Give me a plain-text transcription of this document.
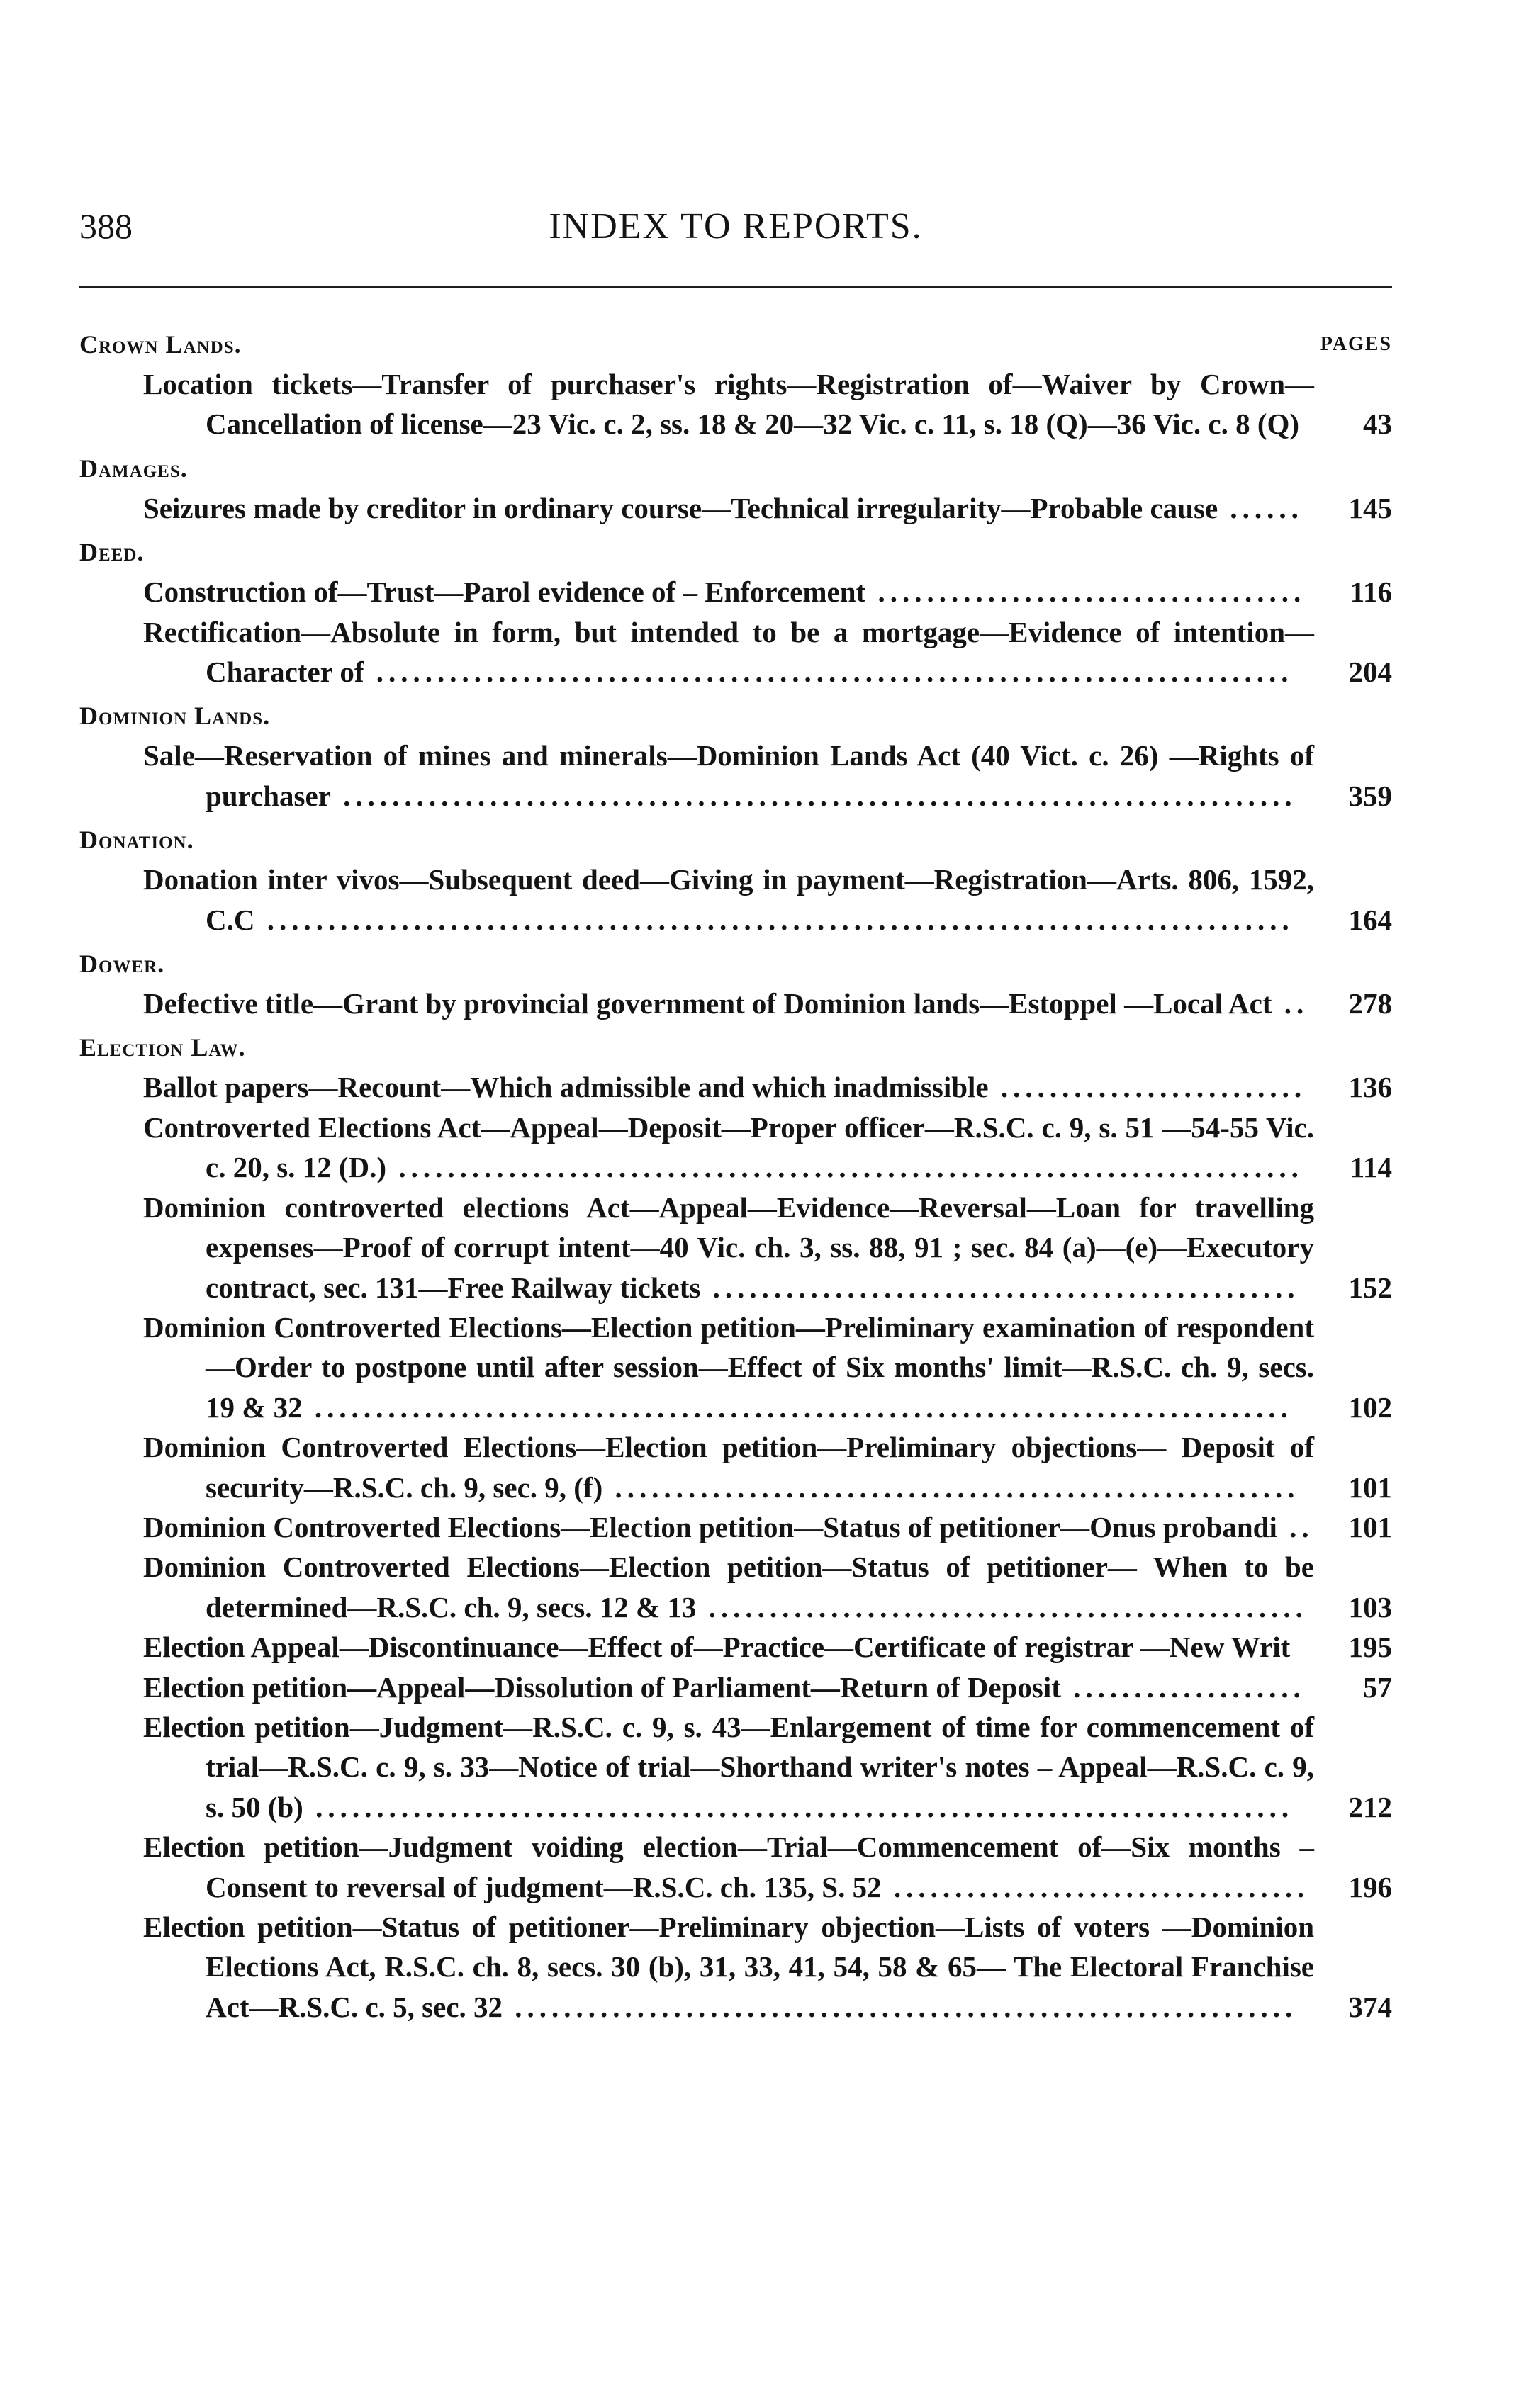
388	INDEX TO REPORTS.
PAGES
Crown Lands.
Location tickets—Transfer of purchaser's rights—Registration of—Waiver by Crown—Cancellation of license—23 Vic. c. 2, ss. 18 & 20—32 Vic. c. 11, s. 18 (Q)—36 Vic. c. 8 (Q)	43
Damages.
Seizures made by creditor in ordinary course—Technical irregularity—Probable cause ......	145
Deed.
Construction of—Trust—Parol evidence of – Enforcement ...................................	116
Rectification—Absolute in form, but intended to be a mortgage—Evidence of intention—Character of ...........................................................................	204
Dominion Lands.
Sale—Reservation of mines and minerals—Dominion Lands Act (40 Vict. c. 26) —Rights of purchaser ..............................................................................	359
Donation.
Donation inter vivos—Subsequent deed—Giving in payment—Registration—Arts. 806, 1592, C.C ....................................................................................	164
Dower.
Defective title—Grant by provincial government of Dominion lands—Estoppel —Local Act ..	278
Election Law.
Ballot papers—Recount—Which admissible and which inadmissible .........................	136
Controverted Elections Act—Appeal—Deposit—Proper officer—R.S.C. c. 9, s. 51 —54-55 Vic. c. 20, s. 12 (D.) ..........................................................................	114
Dominion controverted elections Act—Appeal—Evidence—Reversal—Loan for travelling expenses—Proof of corrupt intent—40 Vic. ch. 3, ss. 88, 91 ; sec. 84 (a)—(e)—Executory contract, sec. 131—Free Railway tickets ................................................	152
Dominion Controverted Elections—Election petition—Preliminary examination of respondent—Order to postpone until after session—Effect of Six months' limit—R.S.C. ch. 9, secs. 19 & 32 ................................................................................	102
Dominion Controverted Elections—Election petition—Preliminary objections— Deposit of security—R.S.C. ch. 9, sec. 9, (f) ........................................................	101
Dominion Controverted Elections—Election petition—Status of petitioner—Onus probandi ..	101
Dominion Controverted Elections—Election petition—Status of petitioner— When to be determined—R.S.C. ch. 9, secs. 12 & 13 .................................................	103
Election Appeal—Discontinuance—Effect of—Practice—Certificate of registrar —New Writ	195
Election petition—Appeal—Dissolution of Parliament—Return of Deposit ...................	57
Election petition—Judgment—R.S.C. c. 9, s. 43—Enlargement of time for commencement of trial—R.S.C. c. 9, s. 33—Notice of trial—Shorthand writer's notes – Appeal—R.S.C. c. 9, s. 50 (b) ................................................................................	212
Election petition—Judgment voiding election—Trial—Commencement of—Six months – Consent to reversal of judgment—R.S.C. ch. 135, S. 52 ..................................	196
Election petition—Status of petitioner—Preliminary objection—Lists of voters —Dominion Elections Act, R.S.C. ch. 8, secs. 30 (b), 31, 33, 41, 54, 58 & 65— The Electoral Franchise Act—R.S.C. c. 5, sec. 32 ................................................................	374
